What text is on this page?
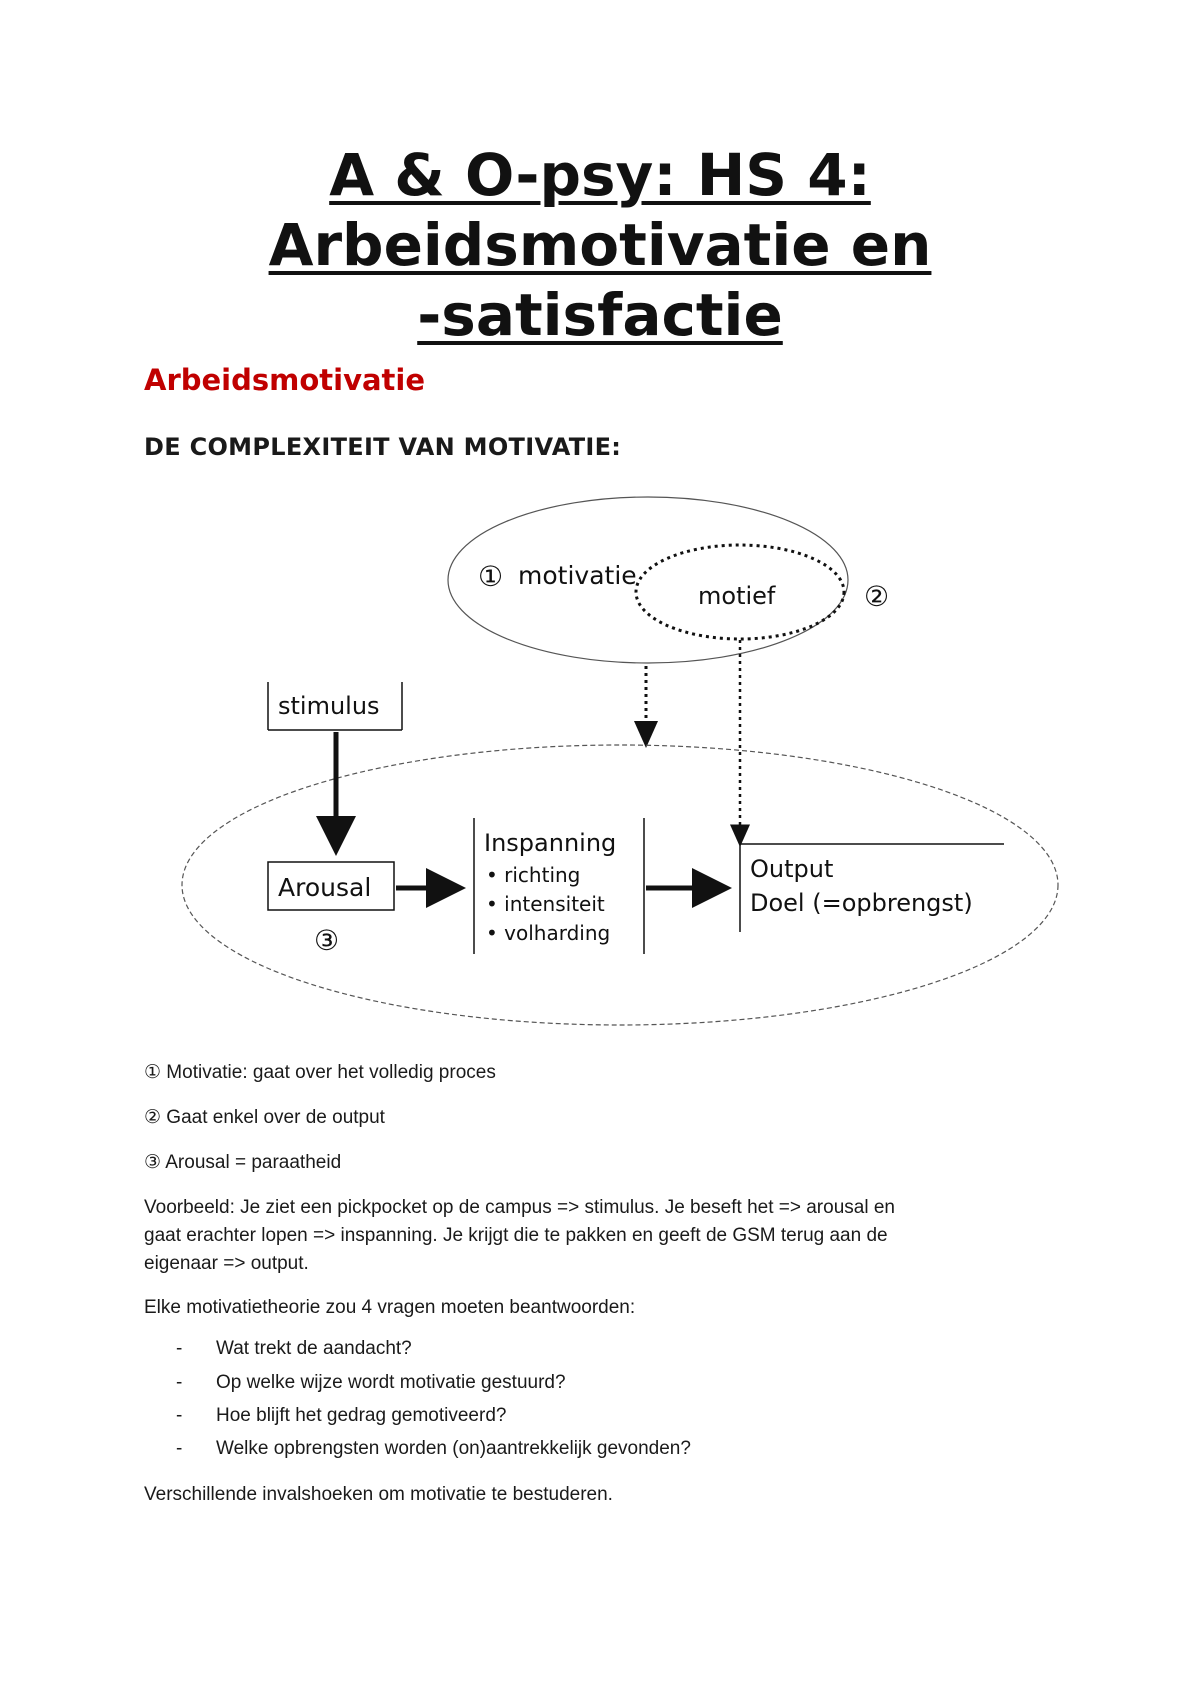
A & O-psy: HS 4:
Arbeidsmotivatie en
-satisfactie
Arbeidsmotivatie
DE COMPLEXITEIT VAN MOTIVATIE:
① motivatie
motief	②
stimulus
Arousal
③
Inspanning
• richting
• intensiteit
• volharding
Output
Doel (=opbrengst)
① Motivatie: gaat over het volledig proces
② Gaat enkel over de output
③ Arousal = paraatheid
Voorbeeld: Je ziet een pickpocket op de campus => stimulus. Je beseft het => arousal en
gaat erachter lopen => inspanning. Je krijgt die te pakken en geeft de GSM terug aan de
eigenaar => output.
Elke motivatietheorie zou 4 vragen moeten beantwoorden:
- Wat trekt de aandacht?
- Op welke wijze wordt motivatie gestuurd?
- Hoe blijft het gedrag gemotiveerd?
- Welke opbrengsten worden (on)aantrekkelijk gevonden?
Verschillende invalshoeken om motivatie te bestuderen.
